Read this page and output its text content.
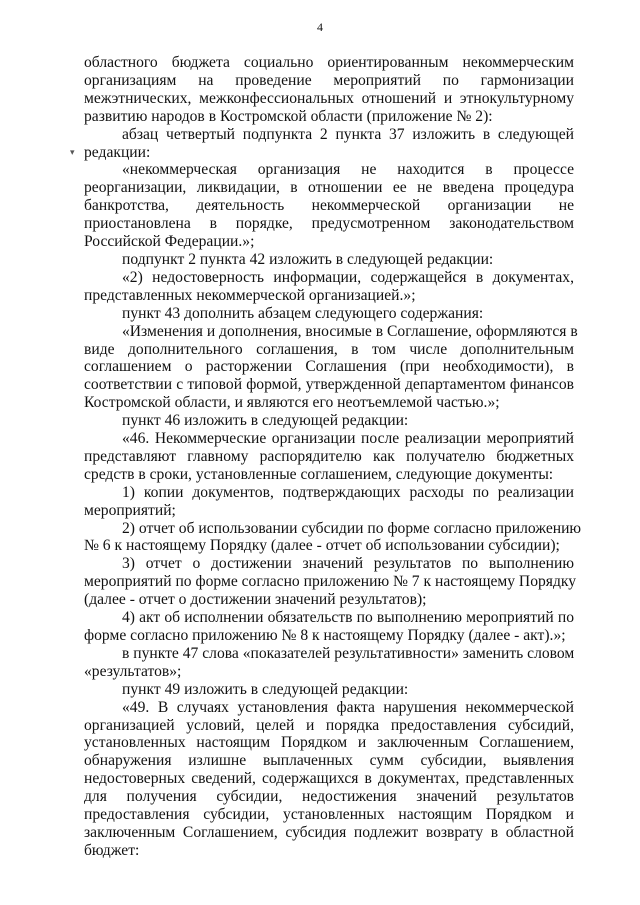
4
▾
областного бюджета социально ориентированным некоммерческим
организациям на проведение мероприятий по гармонизации
межэтнических, межконфессиональных отношений и этнокультурному
развитию народов в Костромской области (приложение № 2):
абзац четвертый подпункта 2 пункта 37 изложить в следующей
редакции:
«некоммерческая организация не находится в процессе
реорганизации, ликвидации, в отношении ее не введена процедура
банкротства, деятельность некоммерческой организации не
приостановлена в порядке, предусмотренном законодательством
Российской Федерации.»;
подпункт 2 пункта 42 изложить в следующей редакции:
«2) недостоверность информации, содержащейся в документах,
представленных некоммерческой организацией.»;
пункт 43 дополнить абзацем следующего содержания:
«Изменения и дополнения, вносимые в Соглашение, оформляются в
виде дополнительного соглашения, в том числе дополнительным
соглашением о расторжении Соглашения (при необходимости), в
соответствии с типовой формой, утвержденной департаментом финансов
Костромской области, и являются его неотъемлемой частью.»;
пункт 46 изложить в следующей редакции:
«46. Некоммерческие организации после реализации мероприятий
представляют главному распорядителю как получателю бюджетных
средств в сроки, установленные соглашением, следующие документы:
1) копии документов, подтверждающих расходы по реализации
мероприятий;
2) отчет об использовании субсидии по форме согласно приложению
№ 6 к настоящему Порядку (далее - отчет об использовании субсидии);
3) отчет о достижении значений результатов по выполнению
мероприятий по форме согласно приложению № 7 к настоящему Порядку
(далее - отчет о достижении значений результатов);
4) акт об исполнении обязательств по выполнению мероприятий по
форме согласно приложению № 8 к настоящему Порядку (далее - акт).»;
в пункте 47 слова «показателей результативности» заменить словом
«результатов»;
пункт 49 изложить в следующей редакции:
«49. В случаях установления факта нарушения некоммерческой
организацией условий, целей и порядка предоставления субсидий,
установленных настоящим Порядком и заключенным Соглашением,
обнаружения излишне выплаченных сумм субсидии, выявления
недостоверных сведений, содержащихся в документах, представленных
для получения субсидии, недостижения значений результатов
предоставления субсидии, установленных настоящим Порядком и
заключенным Соглашением, субсидия подлежит возврату в областной
бюджет:
